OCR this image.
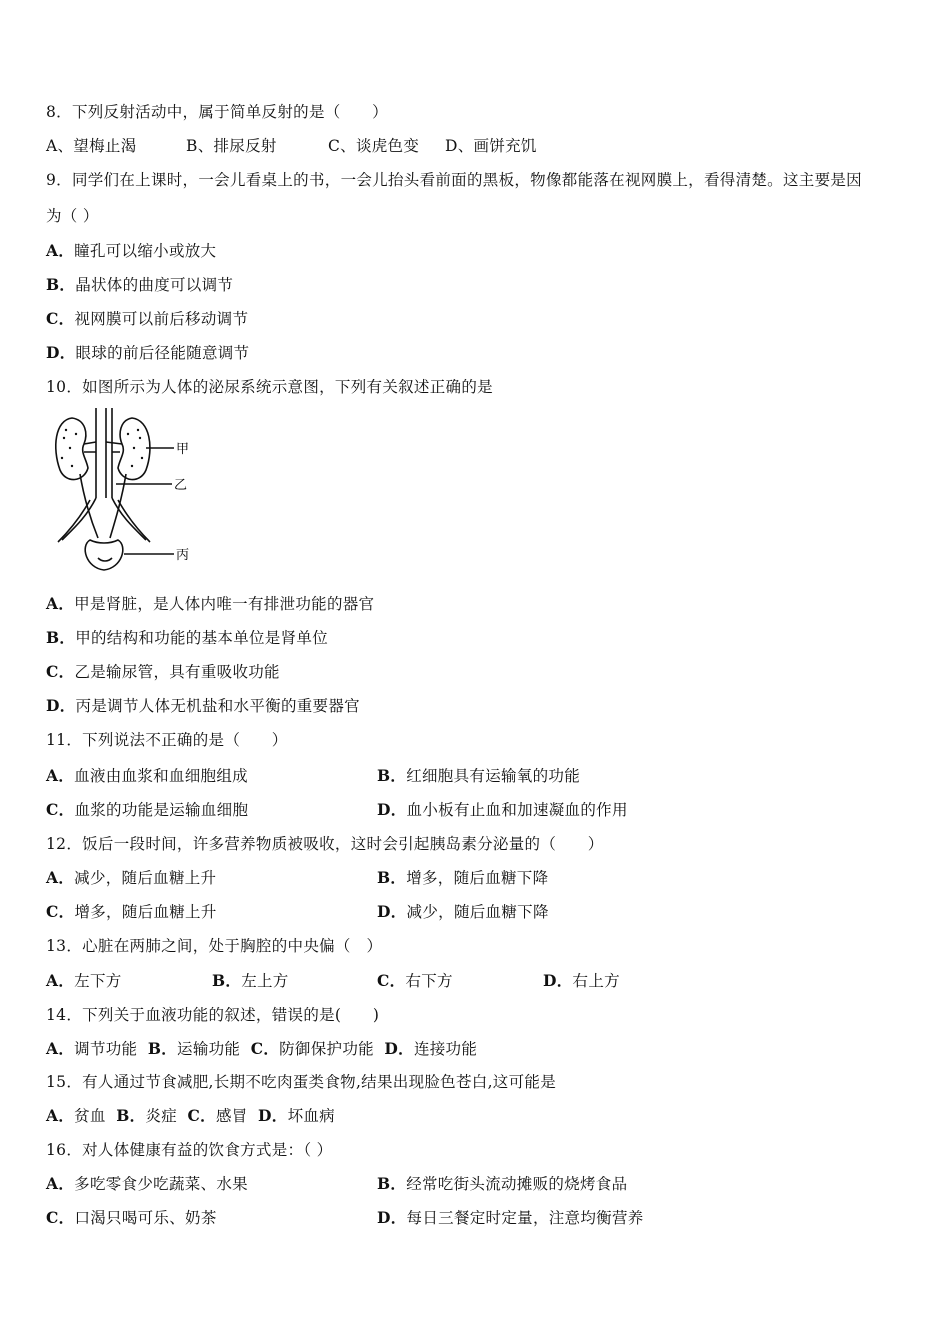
8．下列反射活动中，属于简单反射的是（　　）
A、望梅止渴	B、排尿反射	C、谈虎色变 D、画饼充饥
9．同学们在上课时，一会儿看桌上的书，一会儿抬头看前面的黑板，物像都能落在视网膜上，看得清楚。这主要是因
为（ ）
A．瞳孔可以缩小或放大
B．晶状体的曲度可以调节
C．视网膜可以前后移动调节
D．眼球的前后径能随意调节
10．如图所示为人体的泌尿系统示意图，下列有关叙述正确的是
甲
乙
丙
A．甲是肾脏，是人体内唯一有排泄功能的器官
B．甲的结构和功能的基本单位是肾单位
C．乙是输尿管，具有重吸收功能
D．丙是调节人体无机盐和水平衡的重要器官
11．下列说法不正确的是（　　）
A．血液由血浆和血细胞组成	B．红细胞具有运输氧的功能
C．血浆的功能是运输血细胞	D．血小板有止血和加速凝血的作用
12．饭后一段时间，许多营养物质被吸收，这时会引起胰岛素分泌量的（　　）
A．减少，随后血糖上升	B．增多，随后血糖下降
C．增多，随后血糖上升	D．减少，随后血糖下降
13．心脏在两肺之间，处于胸腔的中央偏（　）
A．左下方	B．左上方	C．右下方	D．右上方
14．下列关于血液功能的叙述，错误的是(　　)
A．调节功能 B．运输功能 C．防御保护功能 D．连接功能
15．有人通过节食减肥,长期不吃肉蛋类食物,结果出现脸色苍白,这可能是
A．贫血 B．炎症 C．感冒 D．坏血病
16．对人体健康有益的饮食方式是：（ ）
A．多吃零食少吃蔬菜、水果	B．经常吃街头流动摊贩的烧烤食品
C．口渴只喝可乐、奶茶	D．每日三餐定时定量，注意均衡营养
